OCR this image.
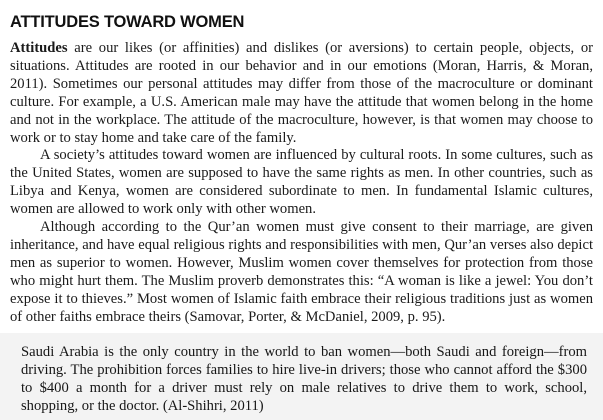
ATTITUDES TOWARD WOMEN

Attitudes are our likes (or affinities) and dislikes (or aversions) to certain people, objects, or situations. Attitudes are rooted in our behavior and in our emotions (Moran, Harris, & Moran, 2011). Sometimes our personal attitudes may differ from those of the macroculture or dominant culture. For example, a U.S. American male may have the attitude that women belong in the home and not in the workplace. The attitude of the macroculture, however, is that women may choose to work or to stay home and take care of the family.

A society’s attitudes toward women are influenced by cultural roots. In some cultures, such as the United States, women are supposed to have the same rights as men. In other countries, such as Libya and Kenya, women are considered subordinate to men. In fundamental Islamic cultures, women are allowed to work only with other women.

Although according to the Qur’an women must give consent to their marriage, are given inheritance, and have equal religious rights and responsibilities with men, Qur’an verses also depict men as superior to women. However, Muslim women cover themselves for protection from those who might hurt them. The Muslim proverb demonstrates this: “A woman is like a jewel: You don’t expose it to thieves.” Most women of Islamic faith embrace their religious traditions just as women of other faiths embrace theirs (Samovar, Porter, & McDaniel, 2009, p. 95).

Saudi Arabia is the only country in the world to ban women—both Saudi and foreign—from driving. The prohibition forces families to hire live-in drivers; those who cannot afford the $300 to $400 a month for a driver must rely on male relatives to drive them to work, school, shopping, or the doctor. (Al-Shihri, 2011)
